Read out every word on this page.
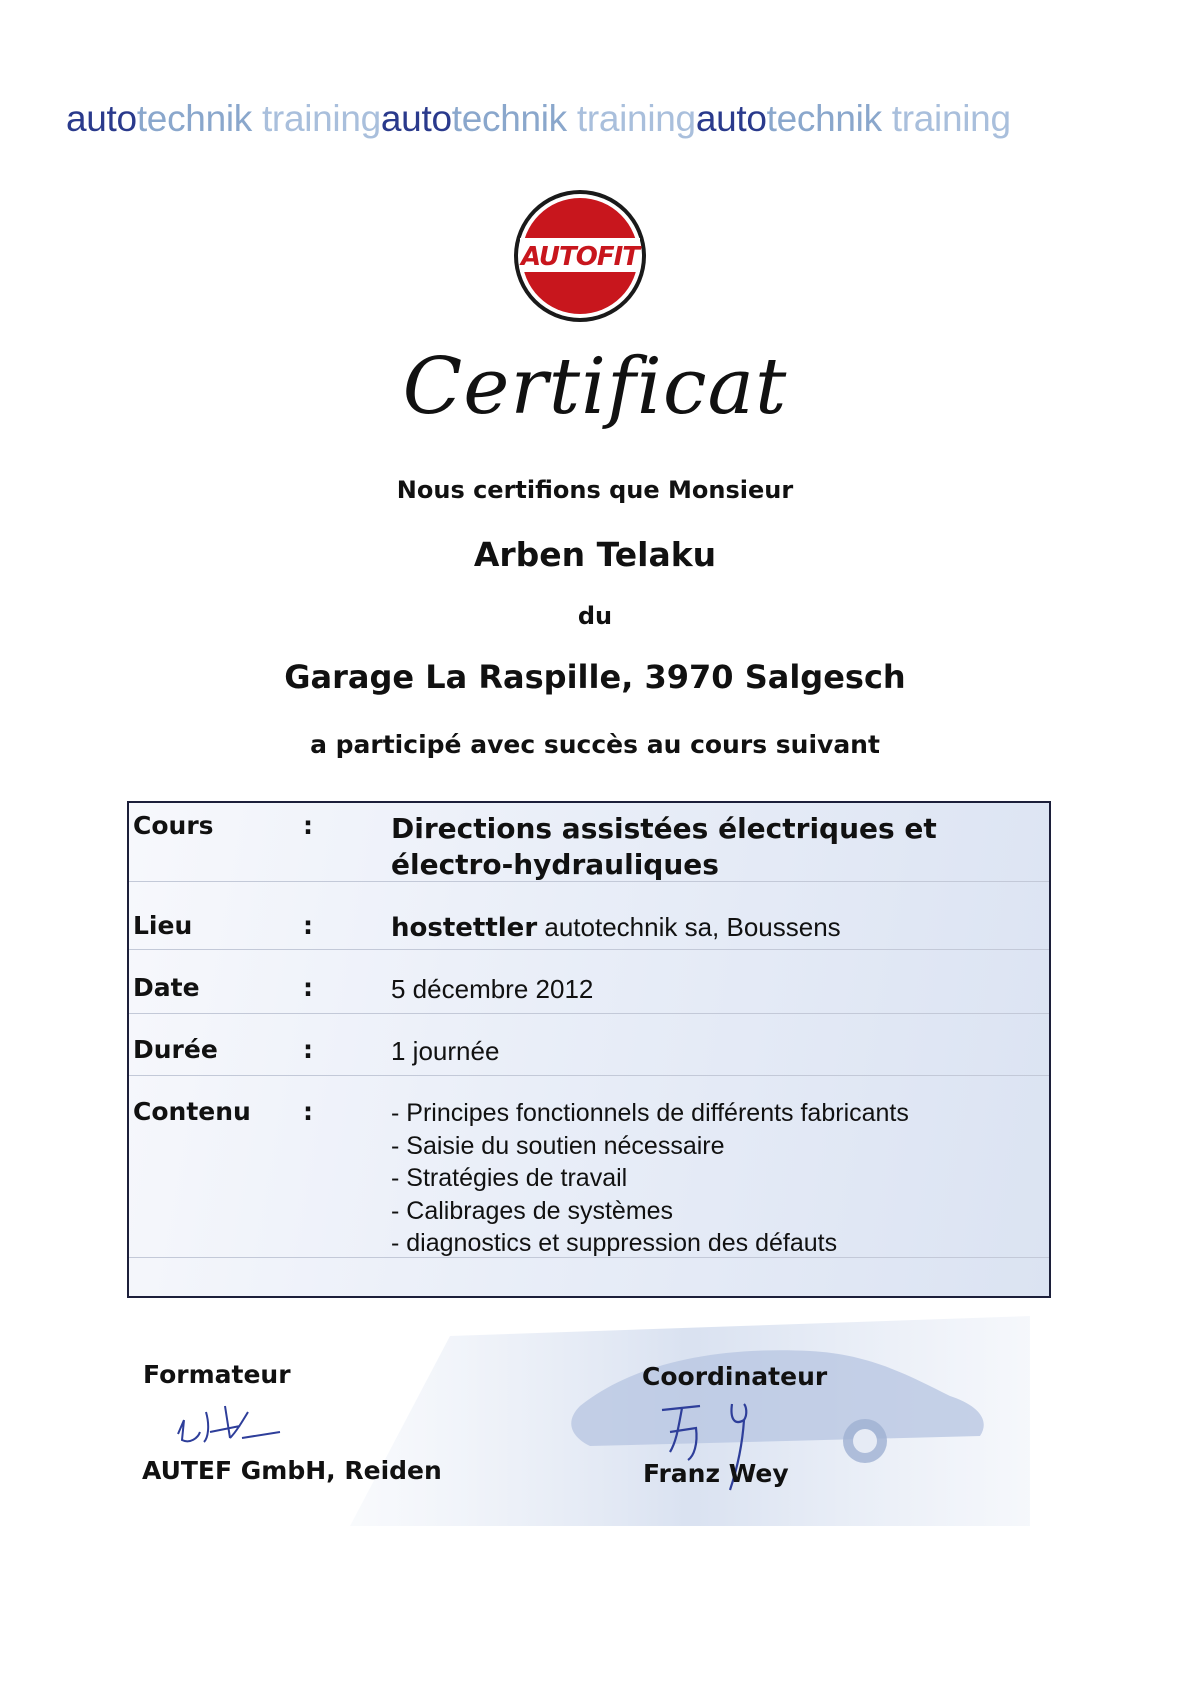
autotechnik trainingautotechnik trainingautotechnik training
AUTOFIT
Certificat
Nous certifions que Monsieur
Arben Telaku
du
Garage La Raspille, 3970 Salgesch
a participé avec succès au cours suivant
Cours	:	Directions assistées électriques et
électro-hydrauliques
Lieu	:	hostettler autotechnik sa, Boussens
Date	:	5 décembre 2012
Durée	:	1 journée
Contenu :	- Principes fonctionnels de différents fabricants
- Saisie du soutien nécessaire
- Stratégies de travail
- Calibrages de systèmes
- diagnostics et suppression des défauts
Formateur
AUTEF GmbH, Reiden
Coordinateur
Franz Wey
